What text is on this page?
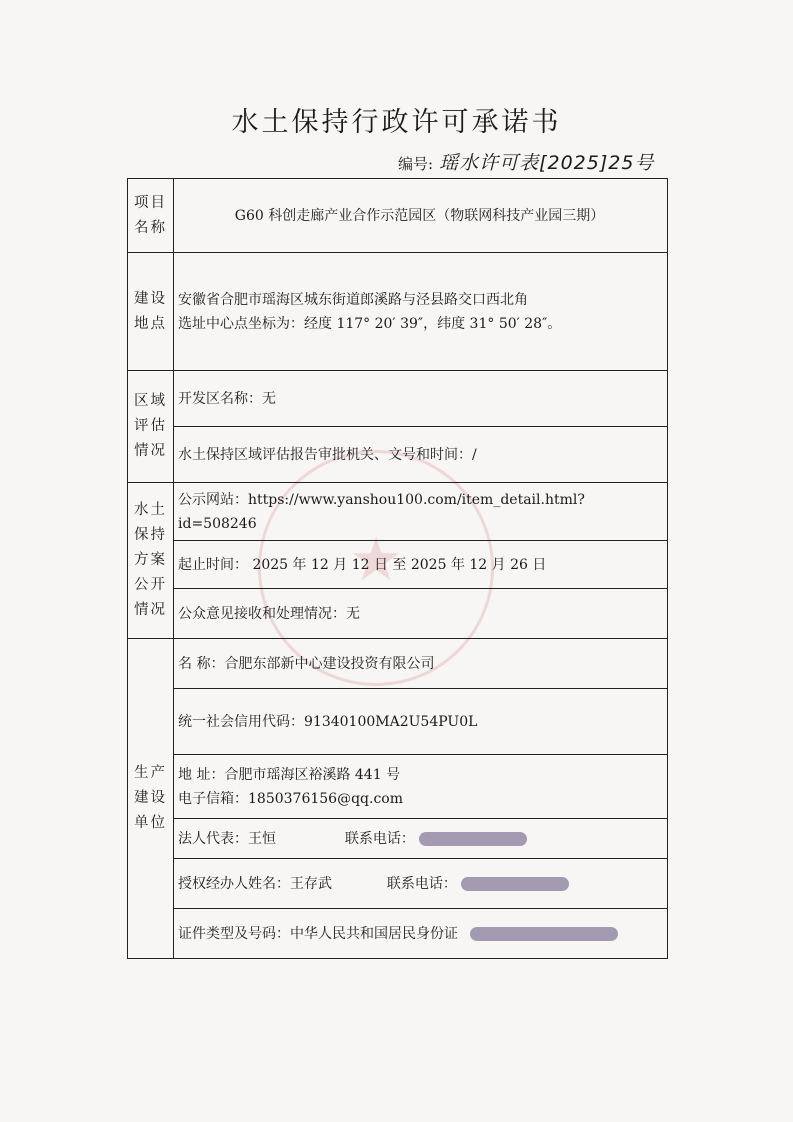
★
水土保持行政许可承诺书
编号: 瑶水许可表[2025]25号
项目名称	G60 科创走廊产业合作示范园区（物联网科技产业园三期）
建设地点	安徽省合肥市瑶海区城东街道郎溪路与泾县路交口西北角
选址中心点坐标为：经度 117° 20′ 39″，纬度 31° 50′ 28″。

区域评估情况	开发区名称：无
	水土保持区域评估报告审批机关、文号和时间：/
水土保持方案公开情况	公示网站：https://www.yanshou100.com/item_detail.html?id=508246
	起止时间： 2025 年 12 月 12 日 至 2025 年 12 月 26 日
	公众意见接收和处理情况：无
生产建设单位	名 称：合肥东部新中心建设投资有限公司
	统一社会信用代码：91340100MA2U54PU0L

	地 址：合肥市瑶海区裕溪路 441 号
电子信箱：1850376156@qq.com

	法人代表：王恒 联系电话：
	授权经办人姓名：王存武 联系电话：
	证件类型及号码：中华人民共和国居民身份证
